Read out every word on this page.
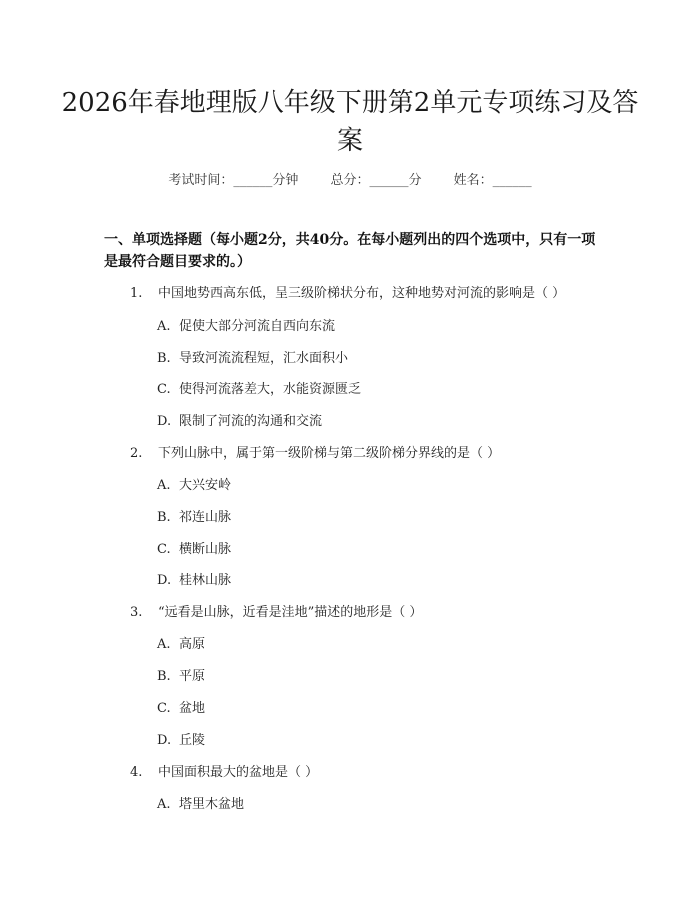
2026年春地理版八年级下册第2单元专项练习及答案
考试时间：______分钟 总分：______分 姓名：______
一、单项选择题（每小题2分，共40分。在每小题列出的四个选项中，只有一项是最符合题目要求的。）
1. 中国地势西高东低，呈三级阶梯状分布，这种地势对河流的影响是（ ）
A. 促使大部分河流自西向东流
B. 导致河流流程短，汇水面积小
C. 使得河流落差大，水能资源匮乏
D. 限制了河流的沟通和交流
2. 下列山脉中，属于第一级阶梯与第二级阶梯分界线的是（ ）
A. 大兴安岭
B. 祁连山脉
C. 横断山脉
D. 桂林山脉
3. “远看是山脉，近看是洼地”描述的地形是（ ）
A. 高原
B. 平原
C. 盆地
D. 丘陵
4. 中国面积最大的盆地是（ ）
A. 塔里木盆地
